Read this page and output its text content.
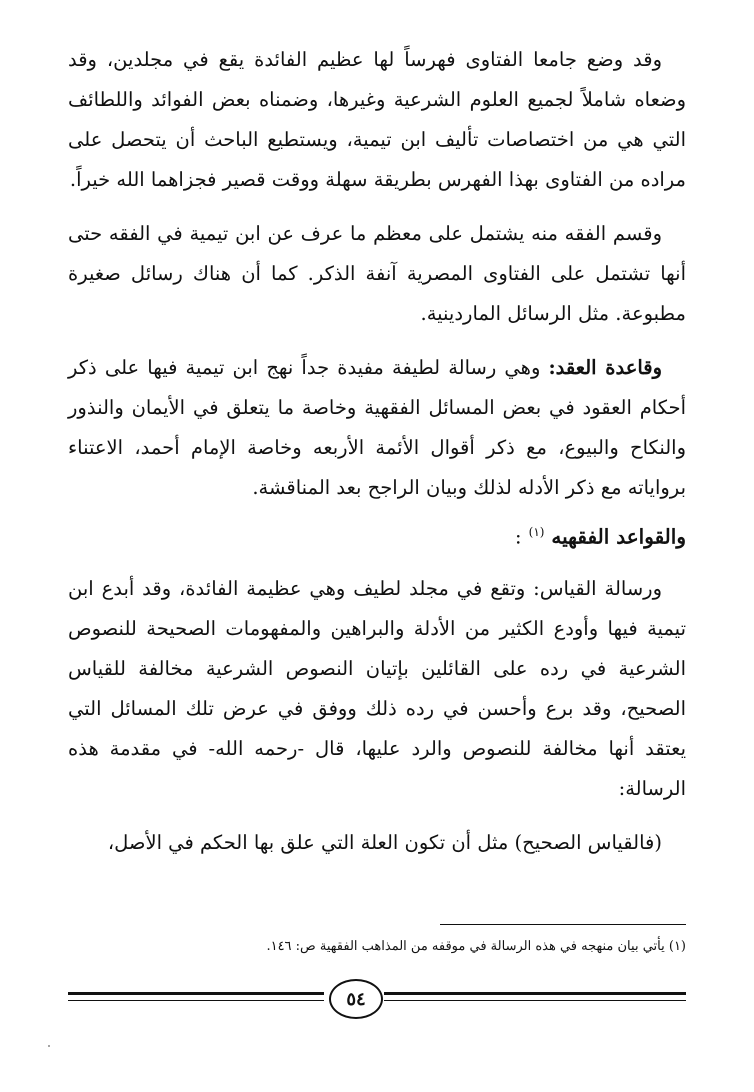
وقد وضع جامعا الفتاوى فهرساً لها عظيم الفائدة يقع في مجلدين، وقد وضعاه شاملاً لجميع العلوم الشرعية وغيرها، وضمناه بعض الفوائد واللطائف التي هي من اختصاصات تأليف ابن تيمية، ويستطيع الباحث أن يتحصل على مراده من الفتاوى بهذا الفهرس بطريقة سهلة ووقت قصير فجزاهما الله خيراً.

وقسم الفقه منه يشتمل على معظم ما عرف عن ابن تيمية في الفقه حتى أنها تشتمل على الفتاوى المصرية آنفة الذكر. كما أن هناك رسائل صغيرة مطبوعة. مثل الرسائل الماردينية.

وقاعدة العقد: وهي رسالة لطيفة مفيدة جداً نهج ابن تيمية فيها على ذكر أحكام العقود في بعض المسائل الفقهية وخاصة ما يتعلق في الأيمان والنذور والنكاح والبيوع، مع ذكر أقوال الأئمة الأربعه وخاصة الإمام أحمد، الاعتناء برواياته مع ذكر الأدله لذلك وبيان الراجح بعد المناقشة.

والقواعد الفقهيه $^{(١)}$ :

ورسالة القياس: وتقع في مجلد لطيف وهي عظيمة الفائدة، وقد أبدع ابن تيمية فيها وأودع الكثير من الأدلة والبراهين والمفهومات الصحيحة للنصوص الشرعية في رده على القائلين بإتيان النصوص الشرعية مخالفة للقياس الصحيح، وقد برع وأحسن في رده ذلك ووفق في عرض تلك المسائل التي يعتقد أنها مخالفة للنصوص والرد عليها، قال -رحمه الله- في مقدمة هذه الرسالة:

(فالقياس الصحيح) مثل أن تكون العلة التي علق بها الحكم في الأصل،

(١) يأتي بيان منهجه في هذه الرسالة في موقفه من المذاهب الفقهية ص: ١٤٦.
٥٤
